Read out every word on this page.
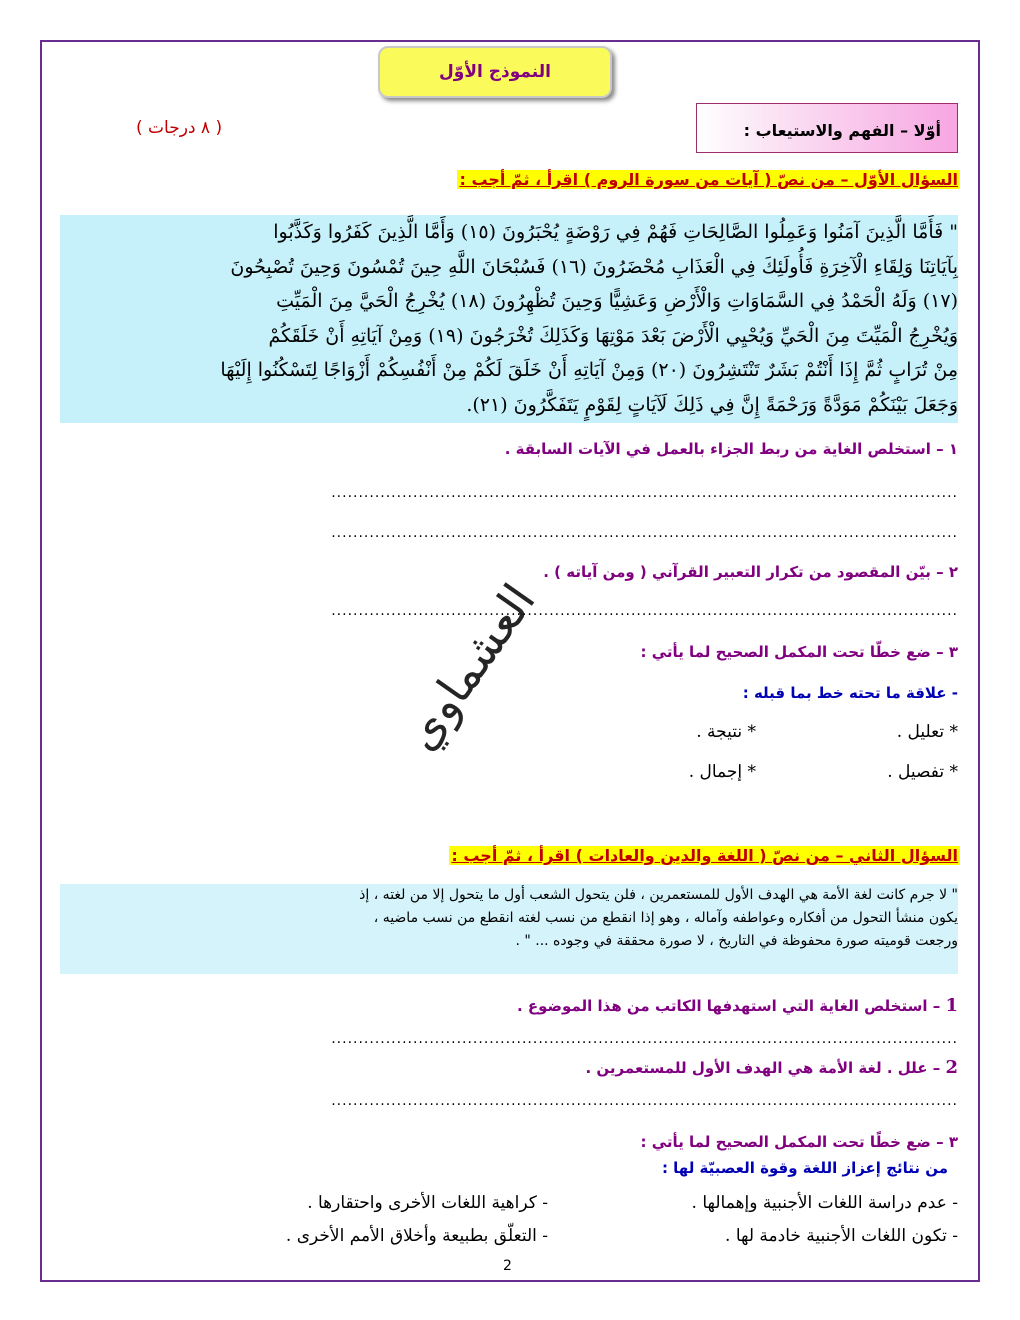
النموذج الأوّل
أوّلا – الفهم والاستيعاب :
( ٨ درجات )
السؤال الأوّل – من نصّ ( آيات من سورة الروم ) اقرأ ، ثمّ أجب :
" فَأَمَّا الَّذِينَ آمَنُوا وَعَمِلُوا الصَّالِحَاتِ فَهُمْ فِي رَوْضَةٍ يُحْبَرُونَ (١٥) وَأَمَّا الَّذِينَ كَفَرُوا وَكَذَّبُوا
بِآيَاتِنَا وَلِقَاءِ الْآخِرَةِ فَأُولَئِكَ فِي الْعَذَابِ مُحْضَرُونَ (١٦) فَسُبْحَانَ اللَّهِ حِينَ تُمْسُونَ وَحِينَ تُصْبِحُونَ
(١٧) وَلَهُ الْحَمْدُ فِي السَّمَاوَاتِ وَالْأَرْضِ وَعَشِيًّا وَحِينَ تُظْهِرُونَ (١٨) يُخْرِجُ الْحَيَّ مِنَ الْمَيِّتِ
وَيُخْرِجُ الْمَيِّتَ مِنَ الْحَيِّ وَيُحْيِي الْأَرْضَ بَعْدَ مَوْتِهَا وَكَذَلِكَ تُخْرَجُونَ (١٩) وَمِنْ آيَاتِهِ أَنْ خَلَقَكُمْ
مِنْ تُرَابٍ ثُمَّ إِذَا أَنْتُمْ بَشَرٌ تَنْتَشِرُونَ (٢٠) وَمِنْ آيَاتِهِ أَنْ خَلَقَ لَكُمْ مِنْ أَنْفُسِكُمْ أَزْوَاجًا لِتَسْكُنُوا إِلَيْهَا
وَجَعَلَ بَيْنَكُمْ مَوَدَّةً وَرَحْمَةً إِنَّ فِي ذَلِكَ لَآيَاتٍ لِقَوْمٍ يَتَفَكَّرُونَ (٢١).
١ – استخلص الغاية من ربط الجزاء بالعمل في الآيات السابقة .
...................................................................................................................
...................................................................................................................
٢ – بيّن المقصود من تكرار التعبير القرآني ( ومن آياته ) .
...................................................................................................................
٣ – ضع خطّا تحت المكمل الصحيح لما يأتي :
- علاقة ما تحته خط بما قبله :
* تعليل .
* نتيجة .
* تفصيل .
* إجمال .
العشماوي
السؤال الثاني – من نصّ ( اللغة والدين والعادات ) اقرأ ، ثمّ أجب :
" لا جرم كانت لغة الأمة هي الهدف الأول للمستعمرين ، فلن يتحول الشعب أول ما يتحول إلا من لغته ، إذ
يكون منشأ التحول من أفكاره وعواطفه وآماله ، وهو إذا انقطع من نسب لغته انقطع من نسب ماضيه ،
ورجعت قوميته صورة محفوظة في التاريخ ، لا صورة محققة في وجوده ... " .
1 – استخلص الغاية التي استهدفها الكاتب من هذا الموضوع .
...................................................................................................................
2 – علل . لغة الأمة هي الهدف الأول للمستعمرين .
...................................................................................................................
٣ – ضع خطًا تحت المكمل الصحيح لما يأتي :
من نتائج إعزاز اللغة وقوة العصبيّة لها :
- عدم دراسة اللغات الأجنبية وإهمالها .
- كراهية اللغات الأخرى واحتقارها .
- تكون اللغات الأجنبية خادمة لها .
- التعلّق بطبيعة وأخلاق الأمم الأخرى .
2
